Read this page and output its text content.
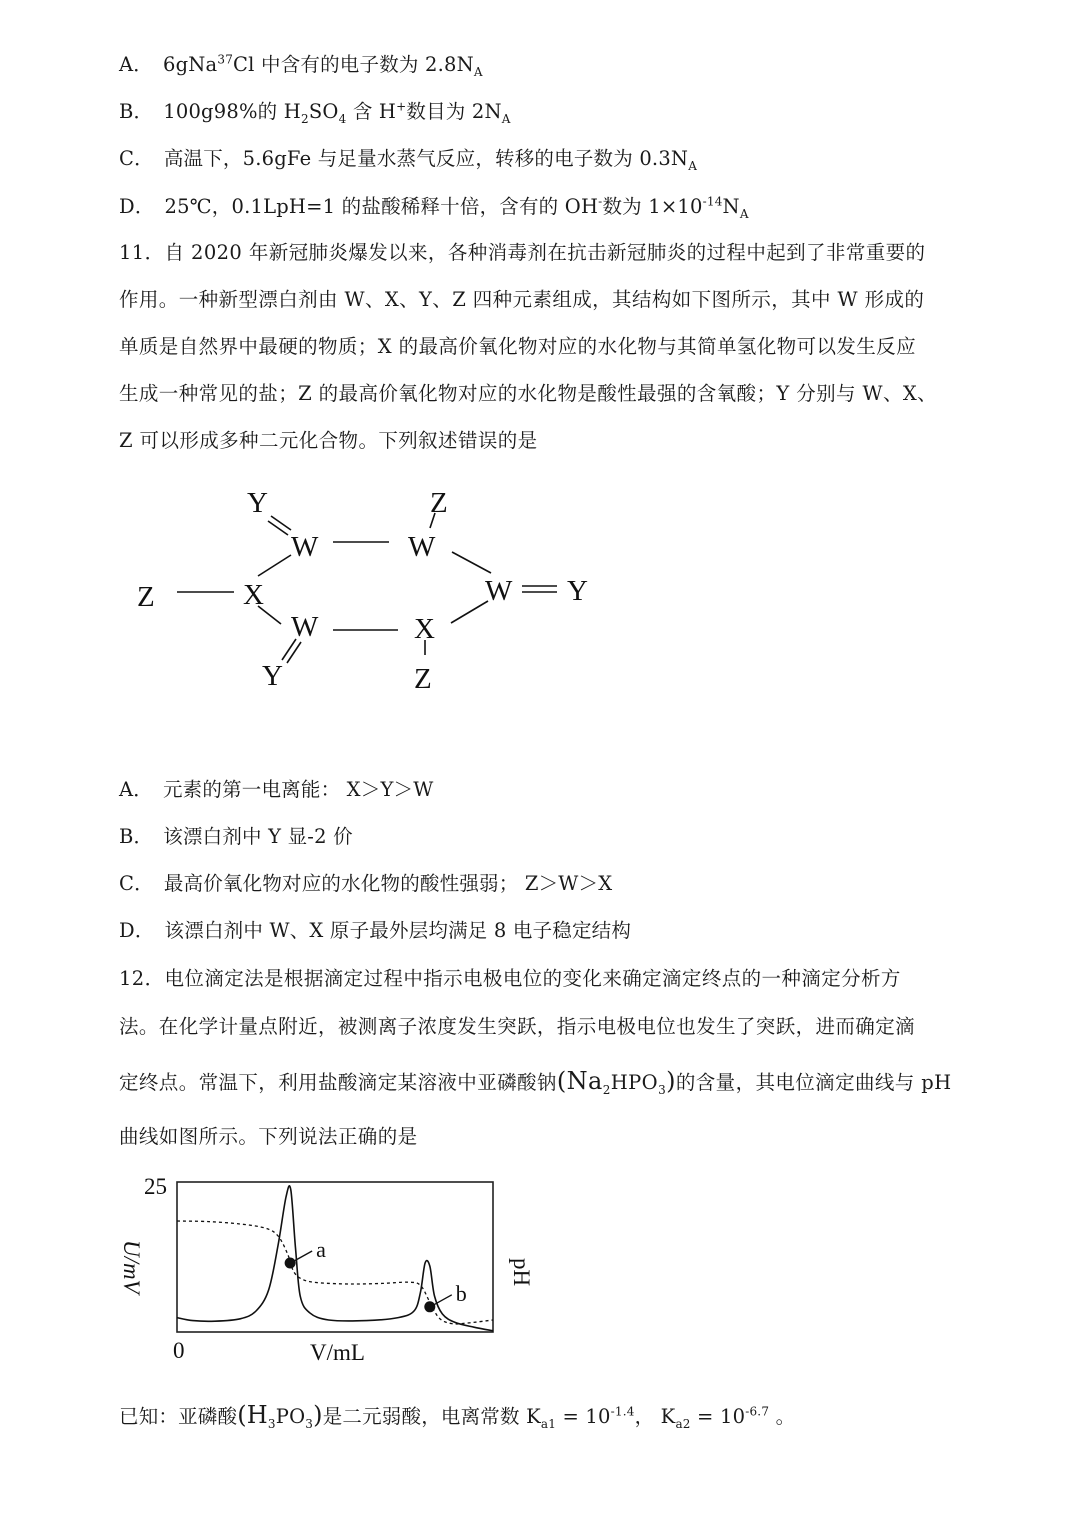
A． 6gNa$^{37}$Cl 中含有的电子数为 $2.8N_A$
B． 100g98%的 $H_2SO_4$ 含 H+数目为 $2N_A$
C． 高温下，5.6gFe 与足量水蒸气反应，转移的电子数为 $0.3N_A$
D． 25℃，0.1LpH=1 的盐酸稀释十倍，含有的 OH-数为 $1\times 10^{-14}N_A$
11．自 2020 年新冠肺炎爆发以来，各种消毒剂在抗击新冠肺炎的过程中起到了非常重要的
作用。一种新型漂白剂由 W、X、Y、Z 四种元素组成，其结构如下图所示，其中 W 形成的
单质是自然界中最硬的物质；X 的最高价氧化物对应的水化物与其简单氢化物可以发生反应
生成一种常见的盐；Z 的最高价氧化物对应的水化物是酸性最强的含氧酸；Y 分别与 W、X、
Z 可以形成多种二元化合物。下列叙述错误的是
Y
W	W
Z
Z	X	W Y
W
Y
X
Z
A． 元素的第一电离能： X＞Y＞W
B． 该漂白剂中 Y 显-2 价
C． 最高价氧化物对应的水化物的酸性强弱； Z＞W＞X
D． 该漂白剂中 W、X 原子最外层均满足 8 电子稳定结构
12．电位滴定法是根据滴定过程中指示电极电位的变化来确定滴定终点的一种滴定分析方
法。在化学计量点附近，被测离子浓度发生突跃，指示电极电位也发生了突跃，进而确定滴
定终点。常温下，利用盐酸滴定某溶液中亚磷酸钠$(Na_2HPO_3)$的含量，其电位滴定曲线与 pH
曲线如图所示。下列说法正确的是
a
b
25
0	V/mL
U/mV	pH
已知：亚磷酸$(H_3PO_3)$是二元弱酸，电离常数 $K_{a1} = 10^{-1.4}$， $K_{a2} = 10^{-6.7}$ 。
